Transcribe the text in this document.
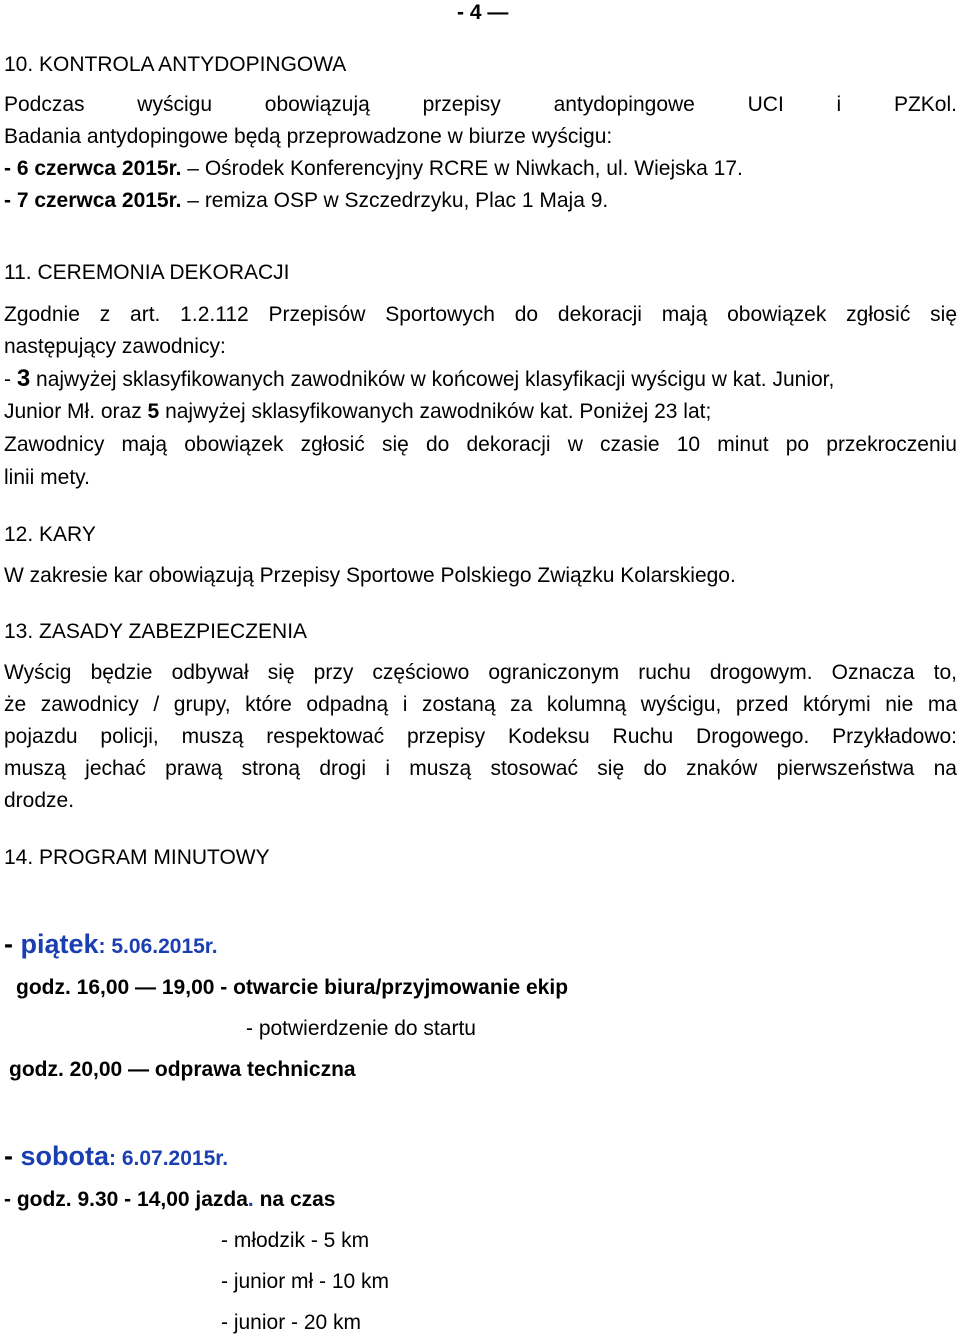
- 4 —
10. KONTROLA ANTYDOPINGOWA
Podczas wyścigu obowiązują przepisy antydopingowe UCI i PZKol.
Badania antydopingowe będą przeprowadzone w biurze wyścigu:
- 6 czerwca 2015r. – Ośrodek Konferencyjny RCRE w Niwkach, ul. Wiejska 17.
- 7 czerwca 2015r. – remiza OSP w Szczedrzyku, Plac 1 Maja 9.
11. CEREMONIA DEKORACJI
Zgodnie z art. 1.2.112 Przepisów Sportowych do dekoracji mają obowiązek zgłosić się
następujący zawodnicy:
- 3 najwyżej sklasyfikowanych zawodników w końcowej klasyfikacji wyścigu w kat. Junior,
Junior Mł. oraz 5 najwyżej sklasyfikowanych zawodników kat. Poniżej 23 lat;
Zawodnicy mają obowiązek zgłosić się do dekoracji w czasie 10 minut po przekroczeniu
linii mety.
12. KARY
W zakresie kar obowiązują Przepisy Sportowe Polskiego Związku Kolarskiego.
13. ZASADY ZABEZPIECZENIA
Wyścig będzie odbywał się przy częściowo ograniczonym ruchu drogowym. Oznacza to,
że zawodnicy / grupy, które odpadną i zostaną za kolumną wyścigu, przed którymi nie ma
pojazdu policji, muszą respektować przepisy Kodeksu Ruchu Drogowego. Przykładowo:
muszą jechać prawą stroną drogi i muszą stosować się do znaków pierwszeństwa na
drodze.
14. PROGRAM MINUTOWY
- piątek: 5.06.2015r.
godz. 16,00 — 19,00 - otwarcie biura/przyjmowanie ekip
- potwierdzenie do startu
godz. 20,00 — odprawa techniczna
- sobota: 6.07.2015r.
- godz. 9.30 - 14,00 jazda. na czas
- młodzik - 5 km
- junior mł - 10 km
- junior - 20 km
